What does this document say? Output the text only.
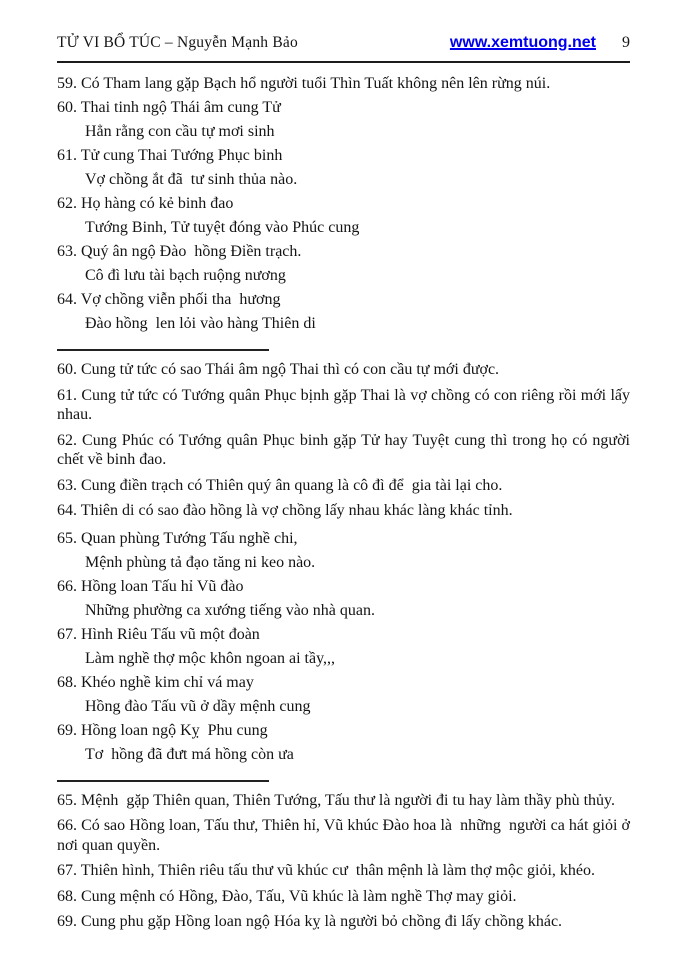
TỬ VI BỔ TÚC – Nguyễn Mạnh Bảo	www.xemtuong.net 9
59. Có Tham lang gặp Bạch hổ người tuổi Thìn Tuất không nên lên rừng núi.
60. Thai tinh ngộ Thái âm cung Tử
Hẳn rằng con cầu tự mơi sinh
61. Tử cung Thai Tướng Phục binh
Vợ chồng ắt đã  tư sinh thủa nào.
62. Họ hàng có kẻ binh đao
Tướng Binh, Tử tuyệt đóng vào Phúc cung
63. Quý ân ngộ Đào  hồng Điền trạch.
Cô đì lưu tài bạch ruộng nương
64. Vợ chồng viễn phối tha  hương
Đào hồng  len lỏi vào hàng Thiên di
60. Cung tử tức có sao Thái âm ngộ Thai thì có con cầu tự mới được.
61. Cung tử tức có Tướng quân Phục bịnh gặp Thai là vợ chồng có con riêng rồi mới lấy nhau.
62. Cung Phúc có Tướng quân Phục binh gặp Tử hay Tuyệt cung thì trong họ có người chết về binh đao.
63. Cung điền trạch có Thiên quý ân quang là cô đì để  gia tài lại cho.
64. Thiên di có sao đào hồng là vợ chồng lấy nhau khác làng khác tỉnh.
65. Quan phùng Tướng Tấu nghề chi,
Mệnh phùng tả đạo tăng ni keo nào.
66. Hồng loan Tấu hỉ Vũ đào
Những phường ca xướng tiếng vào nhà quan.
67. Hình Riêu Tấu vũ một đoàn
Làm nghề thợ mộc khôn ngoan ai tầy,,,
68. Khéo nghề kim chỉ vá may
Hồng đào Tấu vũ ở dầy mệnh cung
69. Hồng loan ngộ Kỵ  Phu cung
Tơ  hồng đã đưt má hồng còn ưa
65. Mệnh  gặp Thiên quan, Thiên Tướng, Tấu thư là người đi tu hay làm thầy phù thủy.
66. Có sao Hồng loan, Tấu thư, Thiên hỉ, Vũ khúc Đào hoa là  những  người ca hát giỏi ở nơi quan quyền.
67. Thiên hình, Thiên riêu tấu thư vũ khúc cư  thân mệnh là làm thợ mộc giỏi, khéo.
68. Cung mệnh có Hồng, Đào, Tấu, Vũ khúc là làm nghề Thợ may giỏi.
69. Cung phu gặp Hồng loan ngộ Hóa kỵ là người bỏ chồng đi lấy chồng khác.
